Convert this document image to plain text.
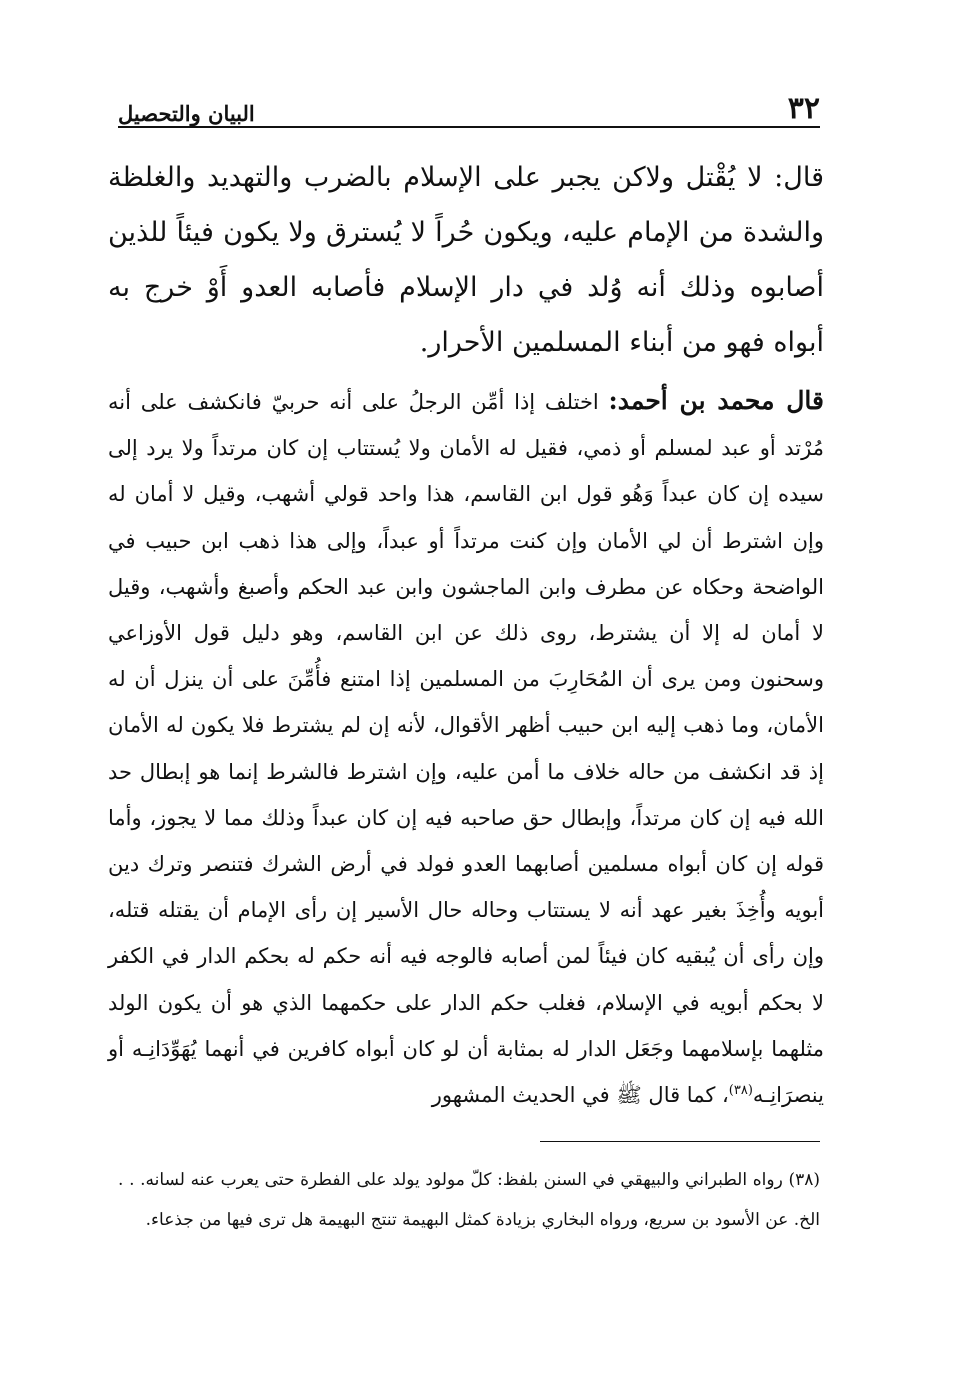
٣٢
البيان والتحصيل

قال: لا يُقْتل ولاكن يجبر على الإسلام بالضرب والتهديد والغلظة والشدة من الإمام عليه، ويكون حُراً لا يُسترق ولا يكون فيئاً للذين أصابوه وذلك أنه وُلد في دار الإسلام فأصابه العدو أَوْ خرج به أبواه فهو من أبناء المسلمين الأحرار.

قال محمد بن أحمد: اختلف إذا أمِّن الرجلُ على أنه حربيّ فانكشف على أنه مُرْتد أو عبد لمسلم أو ذمي، فقيل له الأمان ولا يُستتاب إن كان مرتداً ولا يرد إلى سيده إن كان عبداً وَهُو قول ابن القاسم، هذا واحد قولي أشهب، وقيل لا أمان له وإن اشترط أن لي الأمان وإن كنت مرتداً أو عبداً، وإلى هذا ذهب ابن حبيب في الواضحة وحكاه عن مطرف وابن الماجشون وابن عبد الحكم وأصبغ وأشهب، وقيل لا أمان له إلا أن يشترط، روى ذلك عن ابن القاسم، وهو دليل قول الأوزاعي وسحنون ومن يرى أن المُحَارِبَ من المسلمين إذا امتنع فأُمِّنَ على أن ينزل أن له الأمان، وما ذهب إليه ابن حبيب أظهر الأقوال، لأنه إن لم يشترط فلا يكون له الأمان إذ قد انكشف من حاله خلاف ما أمن عليه، وإن اشترط فالشرط إنما هو إبطال حد الله فيه إن كان مرتداً، وإبطال حق صاحبه فيه إن كان عبداً وذلك مما لا يجوز، وأما قوله إن كان أبواه مسلمين أصابهما العدو فولد في أرض الشرك فتنصر وترك دين أبويه وأُخِذَ بغير عهد أنه لا يستتاب وحاله حال الأسير إن رأى الإمام أن يقتله قتله، وإن رأى أن يُبقيه كان فيئاً لمن أصابه فالوجه فيه أنه حكم له بحكم الدار في الكفر لا بحكم أبويه في الإسلام، فغلب حكم الدار على حكمهما الذي هو أن يكون الولد مثلهما بإسلامهما وجَعَل الدار له بمثابة أن لو كان أبواه كافرين في أنهما يُهَوِّدَانِـه أو ينصرَانِـه$^{(٣٨)}$، كما قال ﷺ في الحديث المشهور

(٣٨) رواه الطبراني والبيهقي في السنن بلفظ: كلّ مولود يولد على الفطرة حتى يعرب عنه لسانه. . . الخ. عن الأسود بن سريع، ورواه البخاري بزيادة كمثل البهيمة تنتج البهيمة هل ترى فيها من جذعاء.
